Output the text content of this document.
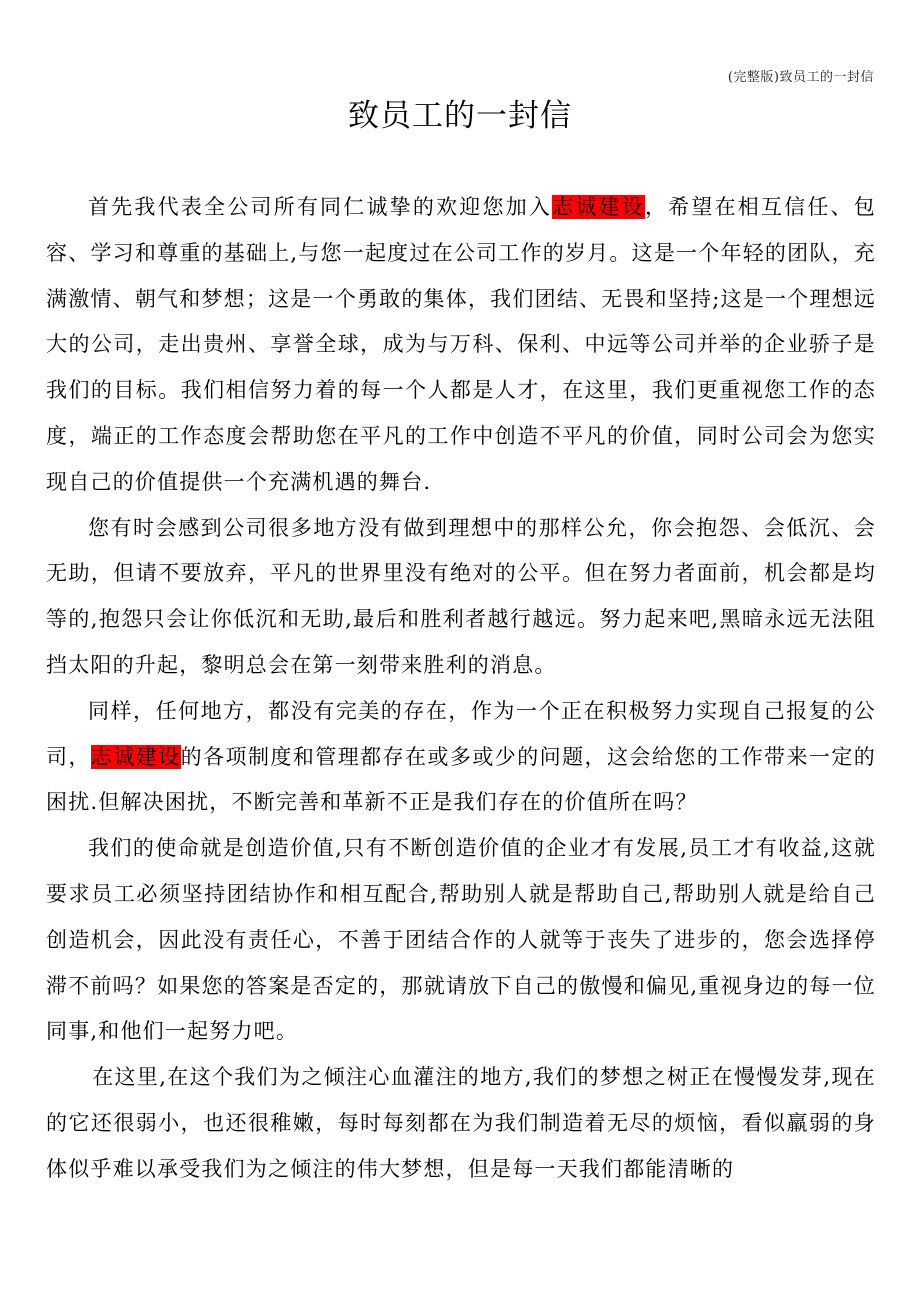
(完整版)致员工的一封信
致员工的一封信

首先我代表全公司所有同仁诚挚的欢迎您加入志诚建设，希望在相互信任、包容、学习和尊重的基础上,与您一起度过在公司工作的岁月。这是一个年轻的团队，充满激情、朝气和梦想；这是一个勇敢的集体，我们团结、无畏和坚持;这是一个理想远大的公司，走出贵州、享誉全球，成为与万科、保利、中远等公司并举的企业骄子是我们的目标。我们相信努力着的每一个人都是人才，在这里，我们更重视您工作的态度，端正的工作态度会帮助您在平凡的工作中创造不平凡的价值，同时公司会为您实现自己的价值提供一个充满机遇的舞台.

您有时会感到公司很多地方没有做到理想中的那样公允，你会抱怨、会低沉、会无助，但请不要放弃，平凡的世界里没有绝对的公平。但在努力者面前，机会都是均等的,抱怨只会让你低沉和无助,最后和胜利者越行越远。努力起来吧,黑暗永远无法阻挡太阳的升起，黎明总会在第一刻带来胜利的消息。

同样，任何地方，都没有完美的存在，作为一个正在积极努力实现自己报复的公司，志诚建设的各项制度和管理都存在或多或少的问题，这会给您的工作带来一定的困扰.但解决困扰，不断完善和革新不正是我们存在的价值所在吗？

我们的使命就是创造价值,只有不断创造价值的企业才有发展,员工才有收益,这就要求员工必须坚持团结协作和相互配合,帮助别人就是帮助自己,帮助别人就是给自己创造机会，因此没有责任心，不善于团结合作的人就等于丧失了进步的，您会选择停滞不前吗？如果您的答案是否定的，那就请放下自己的傲慢和偏见,重视身边的每一位同事,和他们一起努力吧。

在这里,在这个我们为之倾注心血灌注的地方,我们的梦想之树正在慢慢发芽,现在的它还很弱小，也还很稚嫩，每时每刻都在为我们制造着无尽的烦恼，看似羸弱的身体似乎难以承受我们为之倾注的伟大梦想，但是每一天我们都能清晰的
